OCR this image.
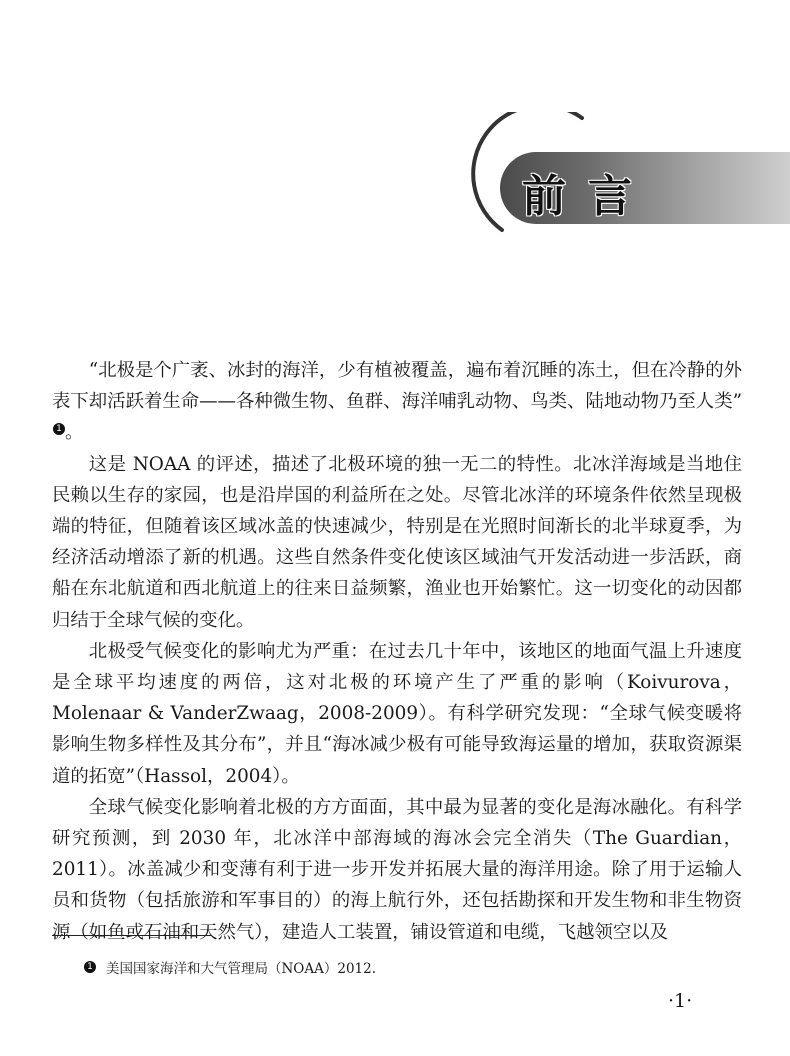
前言

“北极是个广袤、冰封的海洋，少有植被覆盖，遍布着沉睡的冻土，但在冷静的外表下却活跃着生命——各种微生物、鱼群、海洋哺乳动物、鸟类、陆地动物乃至人类”1 。

这是 NOAA 的评述，描述了北极环境的独一无二的特性。北冰洋海域是当地住民赖以生存的家园，也是沿岸国的利益所在之处。尽管北冰洋的环境条件依然呈现极端的特征，但随着该区域冰盖的快速减少，特别是在光照时间渐长的北半球夏季，为经济活动增添了新的机遇。这些自然条件变化使该区域油气开发活动进一步活跃，商船在东北航道和西北航道上的往来日益频繁，渔业也开始繁忙。这一切变化的动因都归结于全球气候的变化。

北极受气候变化的影响尤为严重：在过去几十年中，该地区的地面气温上升速度是全球平均速度的两倍，这对北极的环境产生了严重的影响（Koivurova，Molenaar & VanderZwaag，2008-2009）。有科学研究发现：“全球气候变暖将影响生物多样性及其分布”，并且“海冰减少极有可能导致海运量的增加，获取资源渠道的拓宽”（Hassol，2004）。

全球气候变化影响着北极的方方面面，其中最为显著的变化是海冰融化。有科学研究预测，到 2030 年，北冰洋中部海域的海冰会完全消失（The Guardian，2011）。冰盖减少和变薄有利于进一步开发并拓展大量的海洋用途。除了用于运输人员和货物（包括旅游和军事目的）的海上航行外，还包括勘探和开发生物和非生物资源（如鱼或石油和天然气），建造人工装置，铺设管道和电缆，飞越领空以及

1 美国国家海洋和大气管理局（NOAA）2012.
·1·
